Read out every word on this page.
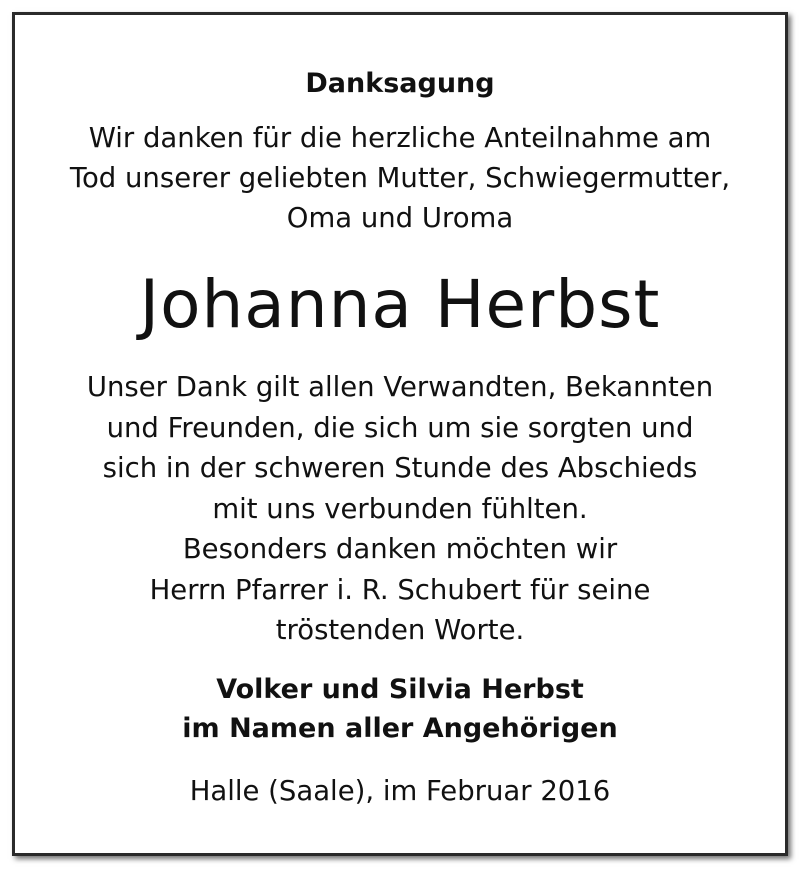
Danksagung
Wir danken für die herzliche Anteilnahme am
Tod unserer geliebten Mutter, Schwiegermutter,
Oma und Uroma
Johanna Herbst
Unser Dank gilt allen Verwandten, Bekannten
und Freunden, die sich um sie sorgten und
sich in der schweren Stunde des Abschieds
mit uns verbunden fühlten.
Besonders danken möchten wir
Herrn Pfarrer i. R. Schubert für seine
tröstenden Worte.
Volker und Silvia Herbst
im Namen aller Angehörigen
Halle (Saale), im Februar 2016
